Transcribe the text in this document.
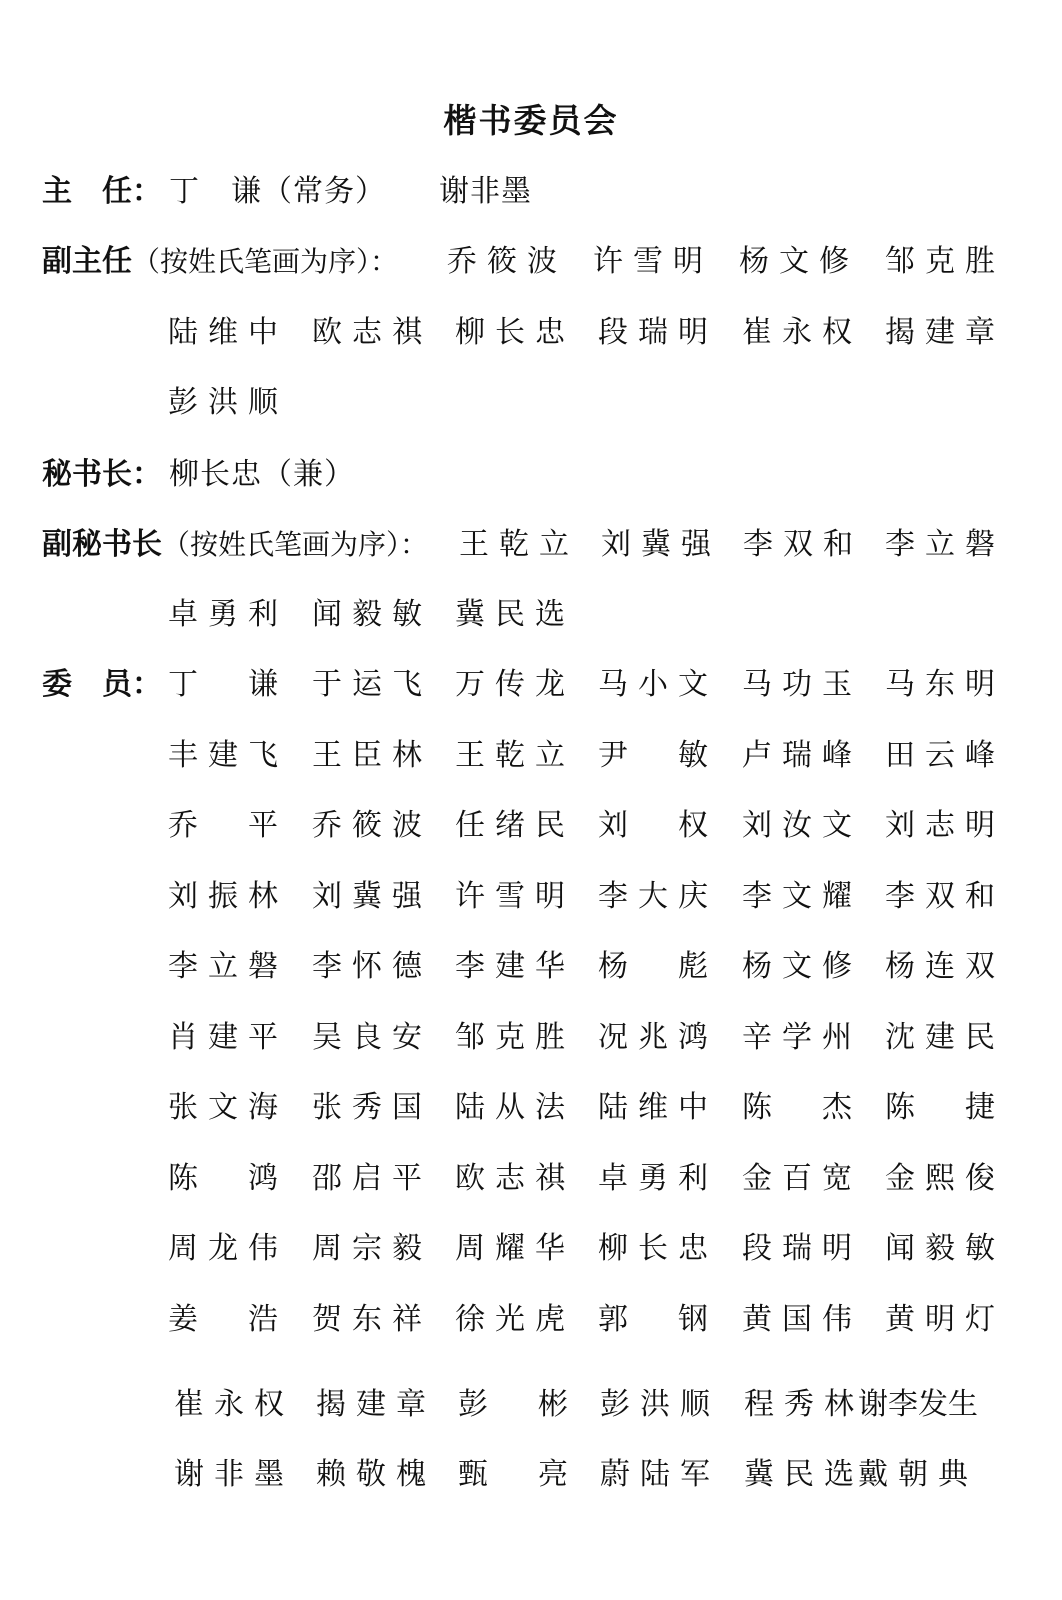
楷书委员会
主　任： 丁　谦（常务） 谢非墨
副主任（按姓氏笔画为序）： 乔 筱 波 许 雪 明 杨 文 修 邹 克 胜
陆 维 中 欧 志 祺 柳 长 忠 段 瑞 明 崔 永 权 揭 建 章
彭 洪 顺
秘书长： 柳长忠（兼）
副秘书长（按姓氏笔画为序）： 王 乾 立 刘 冀 强 李 双 和 李 立 磐
卓 勇 利 闻 毅 敏 冀 民 选
委　员： 丁 谦 于 运 飞 万 传 龙 马 小 文 马 功 玉 马 东 明
丰 建 飞 王 臣 林 王 乾 立 尹 敏 卢 瑞 峰 田 云 峰
乔 平 乔 筱 波 任 绪 民 刘 权 刘 汝 文 刘 志 明
刘 振 林 刘 冀 强 许 雪 明 李 大 庆 李 文 耀 李 双 和
李 立 磐 李 怀 德 李 建 华 杨 彪 杨 文 修 杨 连 双
肖 建 平 吴 良 安 邹 克 胜 况 兆 鸿 辛 学 州 沈 建 民
张 文 海 张 秀 国 陆 从 法 陆 维 中 陈 杰 陈 捷
陈 鸿 邵 启 平 欧 志 祺 卓 勇 利 金 百 宽 金 熙 俊
周 龙 伟 周 宗 毅 周 耀 华 柳 长 忠 段 瑞 明 闻 毅 敏
姜 浩 贺 东 祥 徐 光 虎 郭 钢 黄 国 伟 黄 明 灯
崔 永 权 揭 建 章 彭 彬 彭 洪 顺 程 秀 林 谢 李 发 生
谢 非 墨 赖 敬 槐 甄 亮 蔚 陆 军 冀 民 选 戴 朝 典
